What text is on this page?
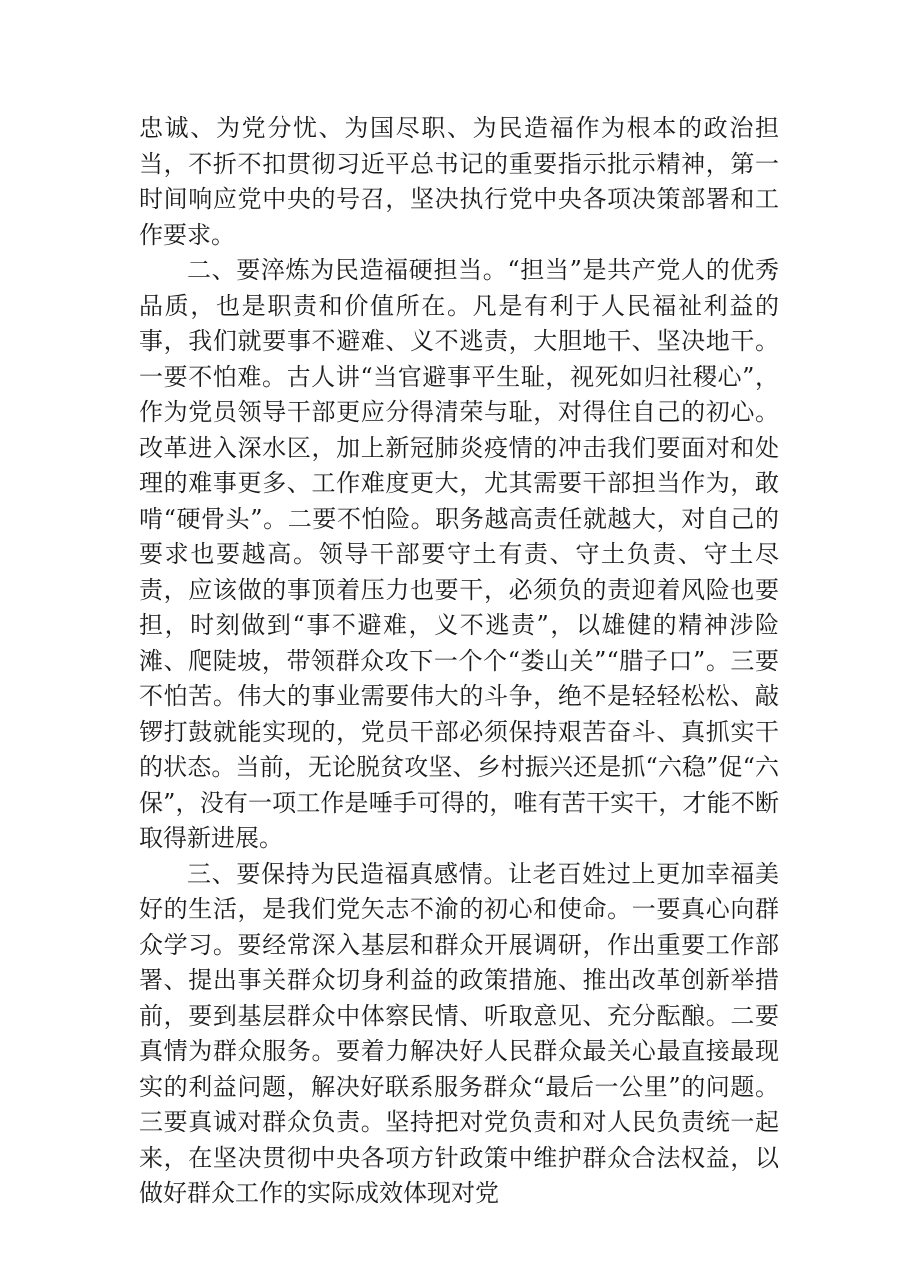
忠诚、为党分忧、为国尽职、为民造福作为根本的政治担当，不折不扣贯彻习近平总书记的重要指示批示精神，第一时间响应党中央的号召，坚决执行党中央各项决策部署和工作要求。

二、要淬炼为民造福硬担当。“担当”是共产党人的优秀品质，也是职责和价值所在。凡是有利于人民福祉利益的事，我们就要事不避难、义不逃责，大胆地干、坚决地干。一要不怕难。古人讲“当官避事平生耻，视死如归社稷心”，作为党员领导干部更应分得清荣与耻，对得住自己的初心。改革进入深水区，加上新冠肺炎疫情的冲击我们要面对和处理的难事更多、工作难度更大，尤其需要干部担当作为，敢啃“硬骨头”。二要不怕险。职务越高责任就越大，对自己的要求也要越高。领导干部要守土有责、守土负责、守土尽责，应该做的事顶着压力也要干，必须负的责迎着风险也要担，时刻做到“事不避难，义不逃责”，以雄健的精神涉险滩、爬陡坡，带领群众攻下一个个“娄山关”“腊子口”。三要不怕苦。伟大的事业需要伟大的斗争，绝不是轻轻松松、敲锣打鼓就能实现的，党员干部必须保持艰苦奋斗、真抓实干的状态。当前，无论脱贫攻坚、乡村振兴还是抓“六稳”促“六保”，没有一项工作是唾手可得的，唯有苦干实干，才能不断取得新进展。

三、要保持为民造福真感情。让老百姓过上更加幸福美好的生活，是我们党矢志不渝的初心和使命。一要真心向群众学习。要经常深入基层和群众开展调研，作出重要工作部署、提出事关群众切身利益的政策措施、推出改革创新举措前，要到基层群众中体察民情、听取意见、充分酝酿。二要真情为群众服务。要着力解决好人民群众最关心最直接最现实的利益问题，解决好联系服务群众“最后一公里”的问题。三要真诚对群众负责。坚持把对党负责和对人民负责统一起来，在坚决贯彻中央各项方针政策中维护群众合法权益，以做好群众工作的实际成效体现对党
